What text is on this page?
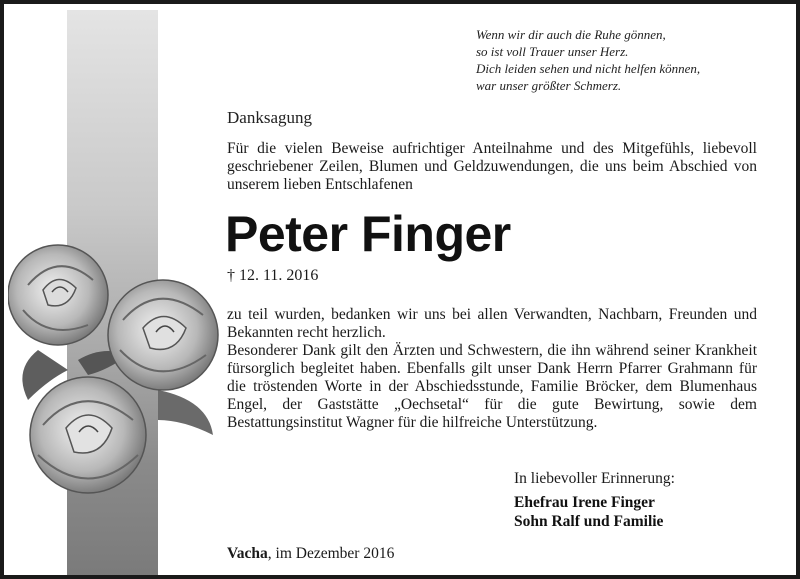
Wenn wir dir auch die Ruhe gönnen,
so ist voll Trauer unser Herz.
Dich leiden sehen und nicht helfen können,
war unser größter Schmerz.
Danksagung
Für die vielen Beweise aufrichtiger Anteilnahme und des Mitgefühls, liebevoll geschriebener Zeilen, Blumen und Geldzuwendungen, die uns beim Abschied von unserem lieben Entschlafenen
Peter Finger
† 12. 11. 2016
zu teil wurden, bedanken wir uns bei allen Verwandten, Nachbarn, Freunden und Bekannten recht herzlich.
Besonderer Dank gilt den Ärzten und Schwestern, die ihn während seiner Krankheit fürsorglich begleitet haben. Ebenfalls gilt unser Dank Herrn Pfarrer Grahmann für die tröstenden Worte in der Abschiedsstunde, Familie Bröcker, dem Blumenhaus Engel, der Gaststätte „Oechsetal“ für die gute Bewirtung, sowie dem Bestattungsinstitut Wagner für die hilfreiche Unterstützung.
In liebevoller Erinnerung:
Ehefrau Irene Finger
Sohn Ralf und Familie
Vacha, im Dezember 2016
